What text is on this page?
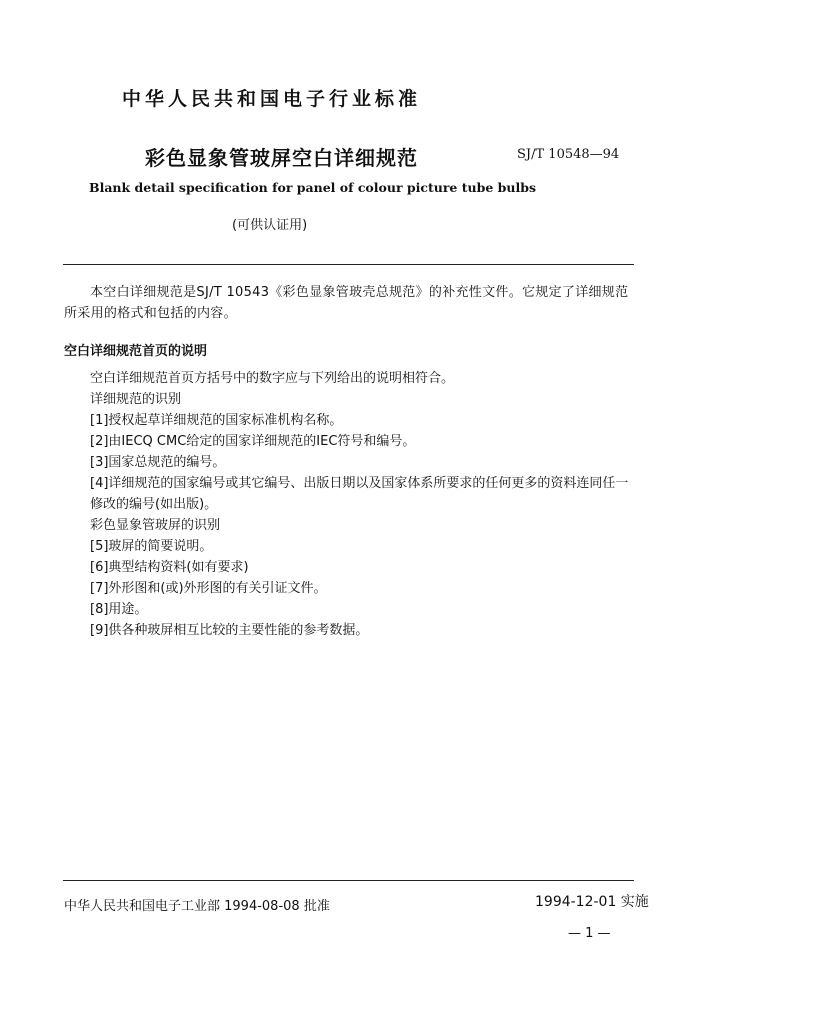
中华人民共和国电子行业标准
彩色显象管玻屏空白详细规范	SJ/T 10548—94
Blank detail specification for panel of colour picture tube bulbs
(可供认证用)
本空白详细规范是SJ/T 10543《彩色显象管玻壳总规范》的补充性文件。它规定了详细规范所采用的格式和包括的内容。
空白详细规范首页的说明
空白详细规范首页方括号中的数字应与下列给出的说明相符合。
详细规范的识别
[1]授权起草详细规范的国家标准机构名称。
[2]由IECQ CMC给定的国家详细规范的IEC符号和编号。
[3]国家总规范的编号。
[4]详细规范的国家编号或其它编号、出版日期以及国家体系所要求的任何更多的资料连同任一修改的编号(如出版)。
彩色显象管玻屏的识别
[5]玻屏的简要说明。
[6]典型结构资料(如有要求)
[7]外形图和(或)外形图的有关引证文件。
[8]用途。
[9]供各种玻屏相互比较的主要性能的参考数据。
中华人民共和国电子工业部 1994-08-08 批准	1994-12-01 实施
— 1 —
